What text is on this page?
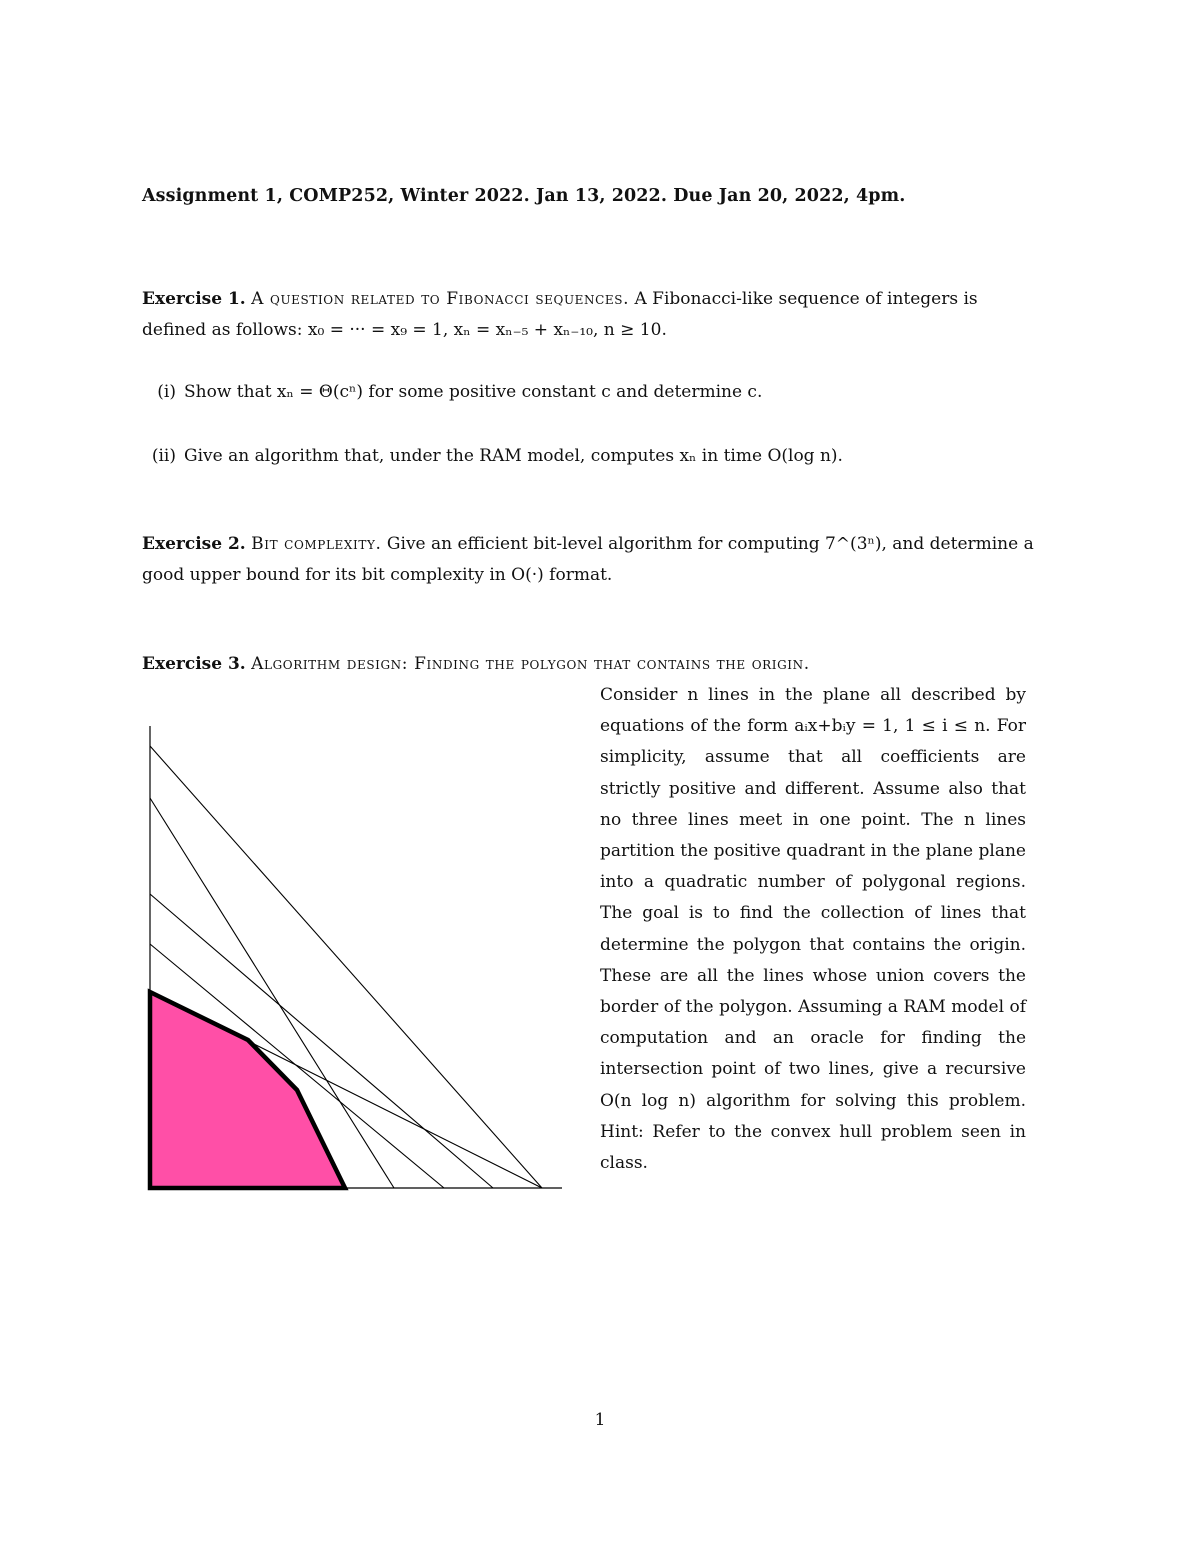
Assignment 1, COMP252, Winter 2022. Jan 13, 2022. Due Jan 20, 2022, 4pm.
Exercise 1. A question related to Fibonacci sequences. A Fibonacci-like sequence of integers is defined as follows: x₀ = ··· = x₉ = 1, xₙ = xₙ₋₅ + xₙ₋₁₀, n ≥ 10.
(i) Show that xₙ = Θ(cⁿ) for some positive constant c and determine c.
(ii) Give an algorithm that, under the RAM model, computes xₙ in time O(log n).
Exercise 2. Bit complexity. Give an efficient bit-level algorithm for computing 7^(3ⁿ), and determine a good upper bound for its bit complexity in O(·) format.
Exercise 3. Algorithm design: Finding the polygon that contains the origin.
Consider n lines in the plane all described by equations of the form aᵢx+bᵢy = 1, 1 ≤ i ≤ n. For simplicity, assume that all coefficients are strictly positive and different. Assume also that no three lines meet in one point. The n lines partition the positive quadrant in the plane plane into a quadratic number of polygonal regions. The goal is to find the collection of lines that determine the polygon that contains the origin. These are all the lines whose union covers the border of the polygon. Assuming a RAM model of computation and an oracle for finding the intersection point of two lines, give a recursive O(n log n) algorithm for solving this problem. Hint: Refer to the convex hull problem seen in class.
1
